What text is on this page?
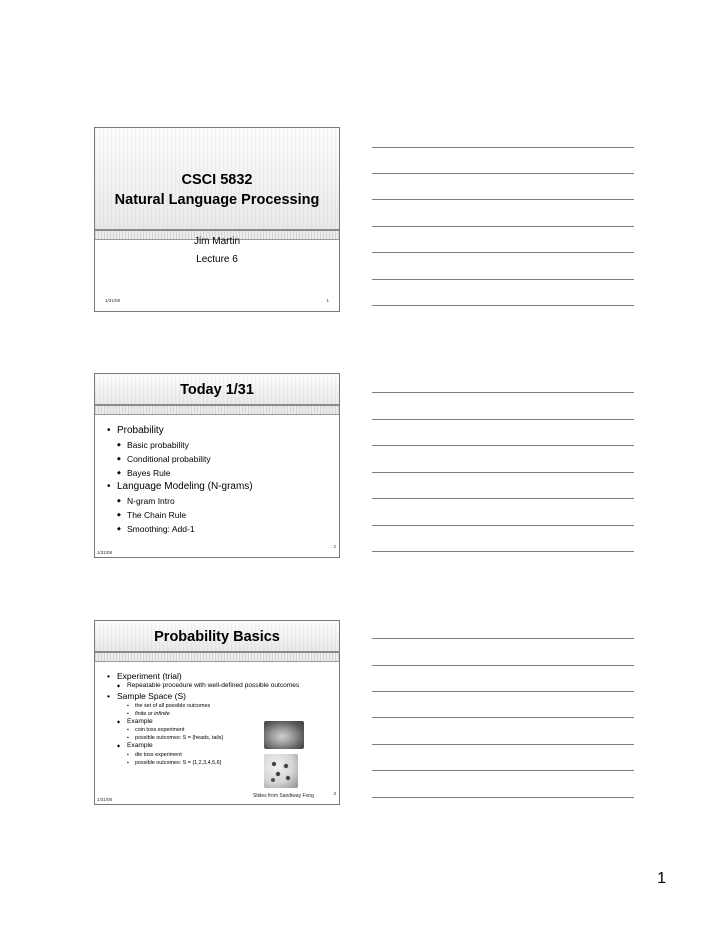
CSCI 5832
Natural Language Processing
Jim Martin
Lecture 6
1/31/08	1
Today 1/31
• Probability
◆ Basic probability
◆ Conditional probability
◆ Bayes Rule
• Language Modeling (N-grams)
◆ N-gram Intro
◆ The Chain Rule
◆ Smoothing: Add-1
1/31/08
2
Probability Basics
• Experiment (trial)
◆ Repeatable procedure with well-defined possible outcomes
• Sample Space (S)
▪ the set of all possible outcomes
▪ finite or infinite
◆ Example
▪ coin toss experiment
▪ possible outcomes: S = {heads, tails}
◆ Example
▪ die toss experiment
▪ possible outcomes: S = {1,2,3,4,5,6}
Slides from Sandiway Fong
1/31/08
3
1
